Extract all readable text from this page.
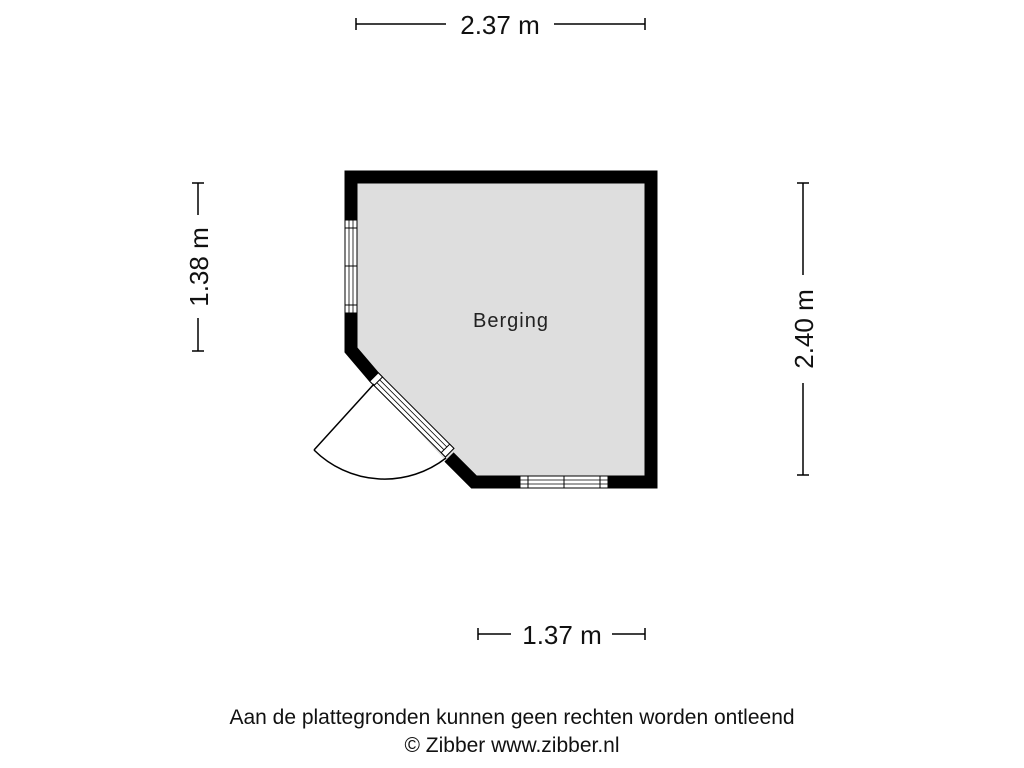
2.37 m
1.38 m
2.40 m
1.37 m
Berging
Aan de plattegronden kunnen geen rechten worden ontleend
© Zibber www.zibber.nl
